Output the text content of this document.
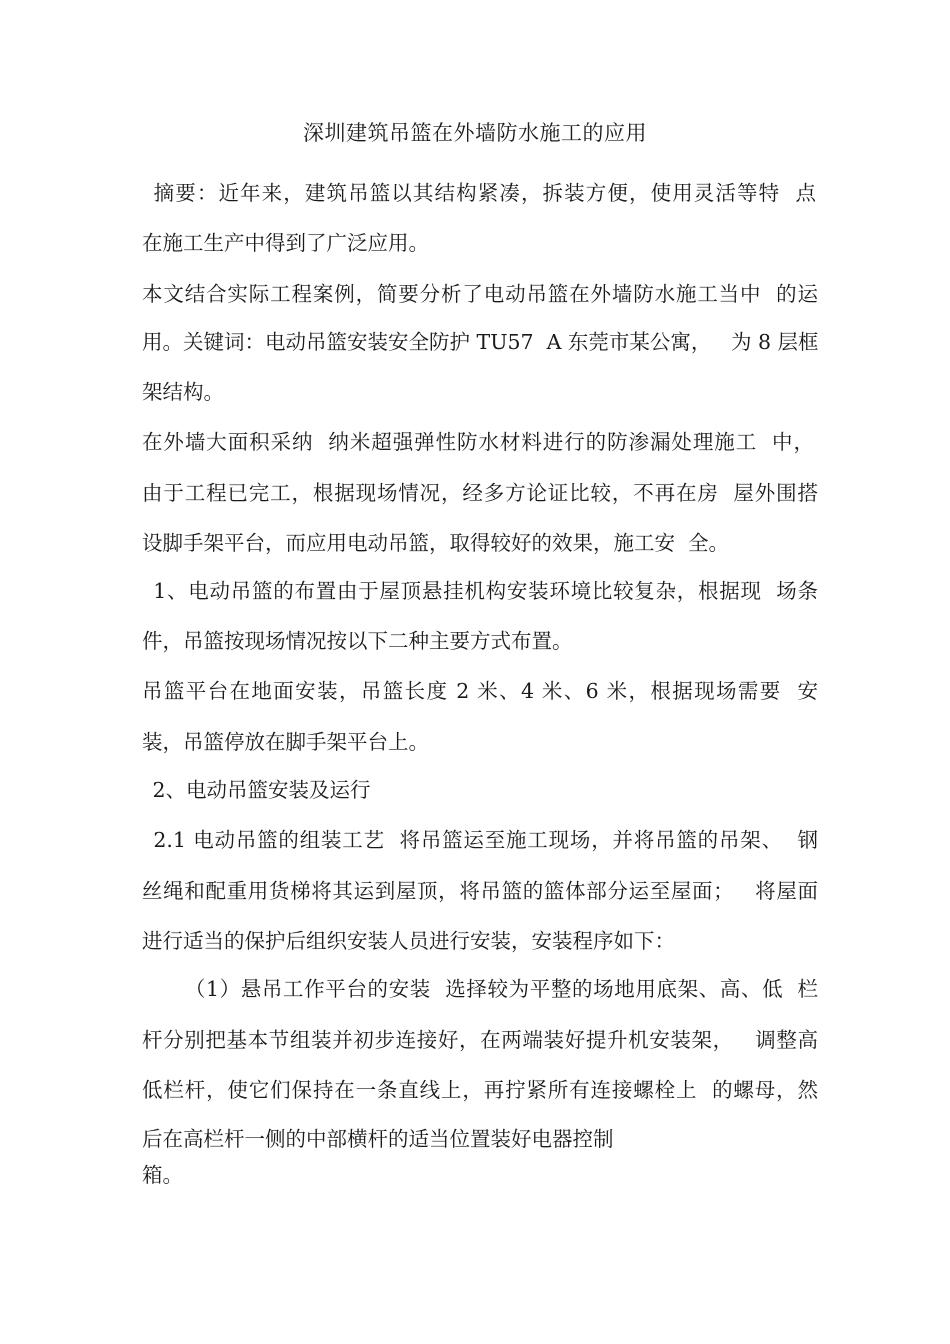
深圳建筑吊篮在外墙防水施工的应用

摘要：近年来，建筑吊篮以其结构紧凑，拆装方便，使用灵活等特  点

在施工生产中得到了广泛应用。

本文结合实际工程案例，简要分析了电动吊篮在外墙防水施工当中  的运

用。关键词：电动吊篮安装安全防护 TU57  A 东莞市某公寓，   为 8 层框

架结构。

在外墙大面积采纳  纳米超强弹性防水材料进行的防渗漏处理施工  中，

由于工程已完工，根据现场情况，经多方论证比较，不再在房  屋外围搭

设脚手架平台，而应用电动吊篮，取得较好的效果，施工安  全。

1、电动吊篮的布置由于屋顶悬挂机构安装环境比较复杂，根据现  场条

件，吊篮按现场情况按以下二种主要方式布置。

吊篮平台在地面安装，吊篮长度 2 米、4 米、6 米，根据现场需要  安

装，吊篮停放在脚手架平台上。

2、电动吊篮安装及运行

2.1 电动吊篮的组装工艺  将吊篮运至施工现场，并将吊篮的吊架、  钢

丝绳和配重用货梯将其运到屋顶，将吊篮的篮体部分运至屋面；   将屋面

进行适当的保护后组织安装人员进行安装，安装程序如下：

（1）悬吊工作平台的安装  选择较为平整的场地用底架、高、低  栏

杆分别把基本节组装并初步连接好，在两端装好提升机安装架，   调整高

低栏杆，使它们保持在一条直线上，再拧紧所有连接螺栓上  的螺母，然

后在高栏杆一侧的中部横杆的适当位置装好电器控制

箱。
